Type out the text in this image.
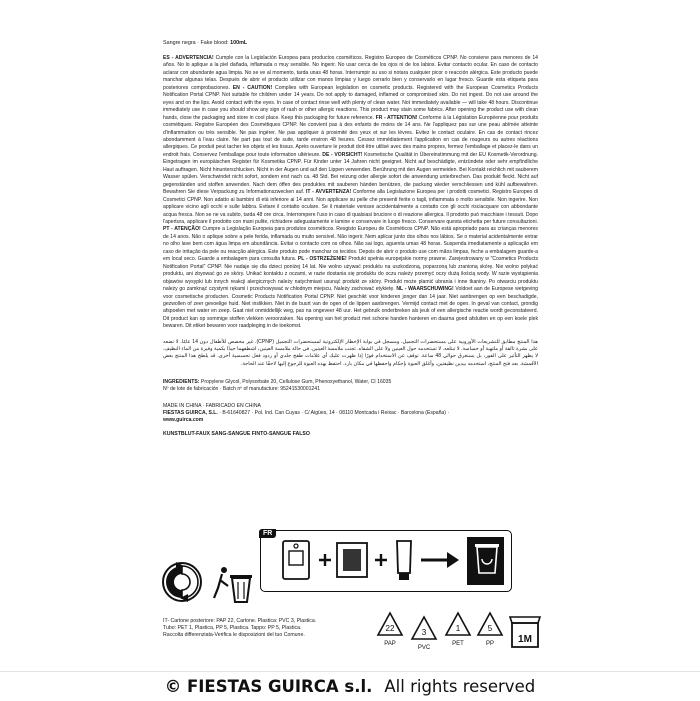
Sangre negra · Fake blood: 100mL

ES - ADVERTENCIA! Cumple con la Legislación Europea para productos cosméticos. Registro Europeo de Cosméticos CPNP. No conviene para menores de 14 años. No lo aplique a la piel dañada, inflamada o muy sensible. No ingerir. No usar cerca de los ojos ni de los labios. Evitar contacto ocular. En caso de contacto aclarar con abundante agua limpia. No se ve al momento, tarda unas 48 horas. Interrumpir su uso si notara cualquier picor o reacción alérgica. Este producto puede manchar algunas telas. Después de abrir el producto utilizar con manos limpias y luego cerrarlo bien y conservarlo en lugar fresco. Guarde esta etiqueta para posteriores comprobaciones. EN - CAUTION! Complies with European legislation on cosmetic products. Registered with the European Cosmetics Products Notification Portal CPNP. Not suitable for children under 14 years. Do not apply to damaged, inflamed or compromised skin. Do not ingest. Do not use around the eyes and on the lips. Avoid contact with the eyes. In case of contact rinse well with plenty of clean water. Not immediately available — will take 48 hours. Discontinue immediately use in case you should show any sign of rash or other allergic reactions. This product may stain some fabrics. After opening the product use with clean hands, close the packaging and store in cool place. Keep this packaging for future reference. FR - ATTENTION! Conforme à la Législation Européenne pour produits cosmétiques. Registre Européen des Cosmétiques CPNP. Ne convient pas à des enfants de moins de 14 ans. Ne l'appliquez pas sur une peau abîmée atteinte d'inflammation ou très sensible. Ne pas ingérer. Ne pas appliquer à proximité des yeux et sur les lèvres. Evitez le contact oculaire. En cas de contact rincez abondamment à l'eau claire. Ne part pas tout de suite, tarde environ 48 heures. Cessez immédiatement l'application en cas de rougeurs ou autres réactions allergiques. Ce produit peut tacher les objets et les tissus. Après ouverture le produit doit être utilisé avec des mains propres, fermez l'emballage et placez-le dans un endroit frais. Conservez l'emballage pour toute information ultérieure. DE - VORSICHT! Kosmetische Qualität in Übereinstimmung mit der EU Kosmetik-Verordnung. Eingetragen im europäischen Register für Kosmetika CPNP. Für Kinder unter 14 Jahren nicht geeignet. Nicht auf beschädigte, entzündete oder sehr empfindliche Haut auftragen. Nicht hinunterschlucken. Nicht in der Augen und auf den Lippen verwenden. Berührung mit den Augen vermeiden. Bei Kontakt reichlich mit sauberem Wasser spülen. Verschwindet nicht sofort, sondern erst nach ca. 48 Std. Bei reizung oder allergie sofort die anwendung unterbrechen. Das produkt fleckt. Nicht auf gegenständen und stoffen anwenden. Nach dem öffen des produktes mit sauberen händen benützen, die packung wieder verschliessen und kühl aufbewahren. Bewahren Sie diese Verpackung zu Informationszwecken auf. IT - AVVERTENZA! Conforme alla Legislazione Europea per i prodotti cosmetici. Registro Europeo di Cosmetici CPNP. Non adatto ai bambini di età inferiore ai 14 anni. Non applicare su pelle che presenti ferite o tagli, infiammata o molto sensibile. Non ingerire. Non applicare vicino agli occhi e sulle labbra. Evitare il contatto oculare. Se il materiale venisse accidentalmente a contatto con gli occhi risciacquare con abbondante acqua fresca. Non se ne va subito, tarda 48 ore circa. Interrompere l'uso in caso di qualsiasi bruciore o di reazione allergica. Il prodotto può macchiare i tessuti. Dopo l'apertura, applicare il prodotto con mani pulite, richiudere adeguatamente e lamine e conservare in luogo fresco. Conservare questa etichetta per future consultazioni. PT - ATENÇÃO! Cumpre a Legislação Europeia para produtos cosméticos. Resgisto Europeu de Cosméticos CPNP. Não está apropriado para as crianças menores de 14 anos. Não o aplique sobre a pele ferida, inflamada ou muito sensível. Não ingerir. Nem aplicar junto dos olhos nos lábios. Se o material acidentalmente entrar no olho lave bem com água limpa em abundância. Evitar o contacto com os olhos. Não sai logo, aguenta umas 48 horas. Suspenda imediatamente a aplicação em caso de irritação da pele ou reacção alérgica. Este produto pode manchar os tecidos. Depois de abrir o produto use com mãos limpas, feche a embalagem guarde-a em local seco. Guarde a embalagem para consulta futura. PL - OSTRZEŻENIE! Produkt spełnia europejskie normy prawne. Zarejestrowany w "Cosmetics Products Notification Portal" CPNP. Nie nadaje się dla dzieci poniżej 14 lat. Nie wolno używać produktu na uszkodzoną, poparzoną lub zranioną skórę. Nie wolno połykać produktu, ani zbyować go ze skóry. Unikać kontaktu z oczami, w razie dostania się produktu do oczu należy przemyć oczy dużą ilością wody. W razie wystąpienia objawów wysypki lub innych reakcji alergicznych należy natychmiast usunąć produkt ze skóry. Produkt może plamić ubrania i inne tkaniny. Po otwarciu produktu należy go zamknąć czystymi rękami i przechowywać w chłodnym miejscu. Należy zachować etykietę. NL - WAARSCHUWING! Voldoet aan de Europese wetgeving voor cosmetische producten. Cosmetic Products Notification Portal CPNP. Niet geschikt voor kinderen jonger dan 14 jaar. Niet aanbrengen op een beschadigde, gezwollen of zeer gevoelige huid. Niet inslikken. Niet in de buurt van de ogen of de lippen aanbrengen. Vermijd contact met de ogen. In geval van contact, grondig afspoelen met water en zeep. Gaat niet onmiddellijk weg, pas na ongeveer 48 uur. Het gebruik onderbreken als jeuk of een allergische reactie wordt geconstateerd. Dit product kan op sommige stoffen vlekken veroorzaken. Na opening van het product met schone handen hanteren en daarna goed afsluiten en op een koele plek bewaren. Dit etiket bewaren voor raadpleging in de toekomst.

هذا المنتج مطابق للتشريعات الأوروبية على مستحضرات التجميل، ومسجل في بوابة الإخطار الإلكترونية لمستحضرات التجميل (CPNP). غير مخصص للأطفال دون 14 عامًا. لا تضعه على بشرة تالفة أو ملتهبة أو حساسة. لا تبتلعه. لا تستخدمه حول العينين ولا على الشفاه. تجنب ملامسة العينين. في حالة ملامسة العينين، اشطفهما جيدًا بكمية وفيرة من الماء النظيف. لا يظهر التأثير على الفور، بل يستغرق حوالي 48 ساعة. توقف عن الاستخدام فورًا إذا ظهرت عليك أي علامات طفح جلدي أو ردود فعل تحسسية أخرى. قد يلطخ هذا المنتج بعض الأقمشة. بعد فتح المنتج، استخدمه بيدين نظيفتين، وأغلق العبوة بإحكام واحفظها في مكان بارد. احتفظ بهذه العبوة للرجوع إليها لاحقًا عند الحاجة.

INGREDIENTS: Propylene Glycol, Polysorbate 20, Cellulose Gum, Phenoxyethanol, Water, CI 16035

Nº de lote de fabricación · Batch nº of manufacture: 95241530001241

MADE IN CHINA · FABRICADO EN CHINA

FIESTAS GUIRCA, S.L. · B-61640827 · Pol. Ind. Can Cuyas · C/ Aigües, 14 · 08110 Montcada i Reixac · Barcelona (España) ·

www.guirca.com

KUNSTBLUT-FAUX SANG-SANGUE FINTO-SANGUE FALSO

FR

IT- Cartone posteriore: PAP 22, Cartone. Plastica: PVC 3, Plastica.

Tubo: PET 1, Plastica, PP 5, Plastica. Tappo: PP 5, Plastica.

Raccolta differenziata-Verifica le disposizioni del tuo Comune.

22
PAP
3
PVC
1
PET
5
PP 1M
© FIESTAS GUIRCA s.l. All rights reserved
